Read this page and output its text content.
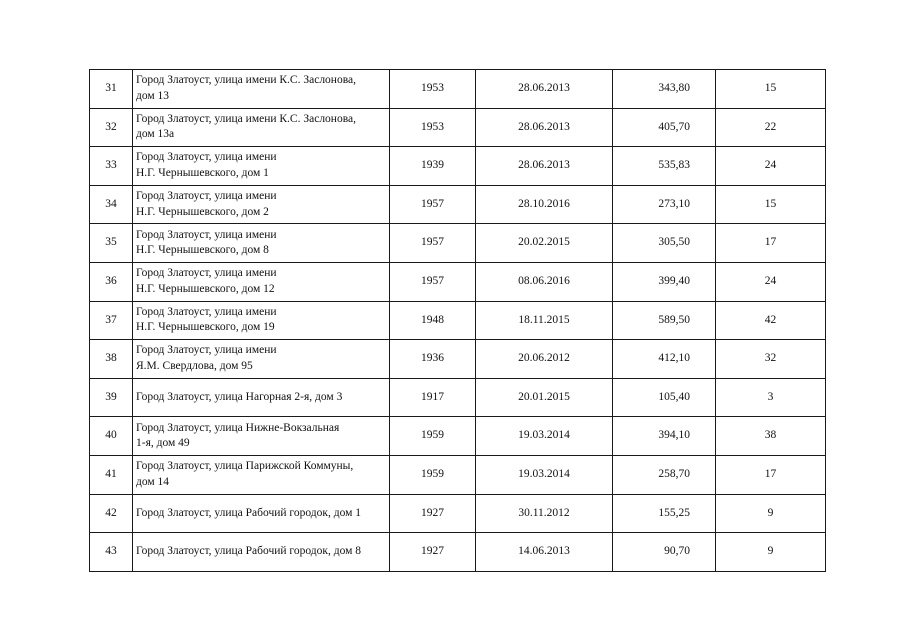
31	Город Златоуст, улица имени К.С. Заслонова,
дом 13	1953	28.06.2013	343,80	15
32	Город Златоуст, улица имени К.С. Заслонова,
дом 13а	1953	28.06.2013	405,70	22
33	Город Златоуст, улица имени
Н.Г. Чернышевского, дом 1	1939	28.06.2013	535,83	24
34	Город Златоуст, улица имени
Н.Г. Чернышевского, дом 2	1957	28.10.2016	273,10	15
35	Город Златоуст, улица имени
Н.Г. Чернышевского, дом 8	1957	20.02.2015	305,50	17
36	Город Златоуст, улица имени
Н.Г. Чернышевского, дом 12	1957	08.06.2016	399,40	24
37	Город Златоуст, улица имени
Н.Г. Чернышевского, дом 19	1948	18.11.2015	589,50	42
38	Город Златоуст, улица имени
Я.М. Свердлова, дом 95	1936	20.06.2012	412,10	32
39	Город Златоуст, улица Нагорная 2-я, дом 3	1917	20.01.2015	105,40	3
40	Город Златоуст, улица Нижне-Вокзальная
1-я, дом 49	1959	19.03.2014	394,10	38
41	Город Златоуст, улица Парижской Коммуны,
дом 14	1959	19.03.2014	258,70	17
42	Город Златоуст, улица Рабочий городок, дом 1	1927	30.11.2012	155,25	9
43	Город Златоуст, улица Рабочий городок, дом 8	1927	14.06.2013	90,70	9
